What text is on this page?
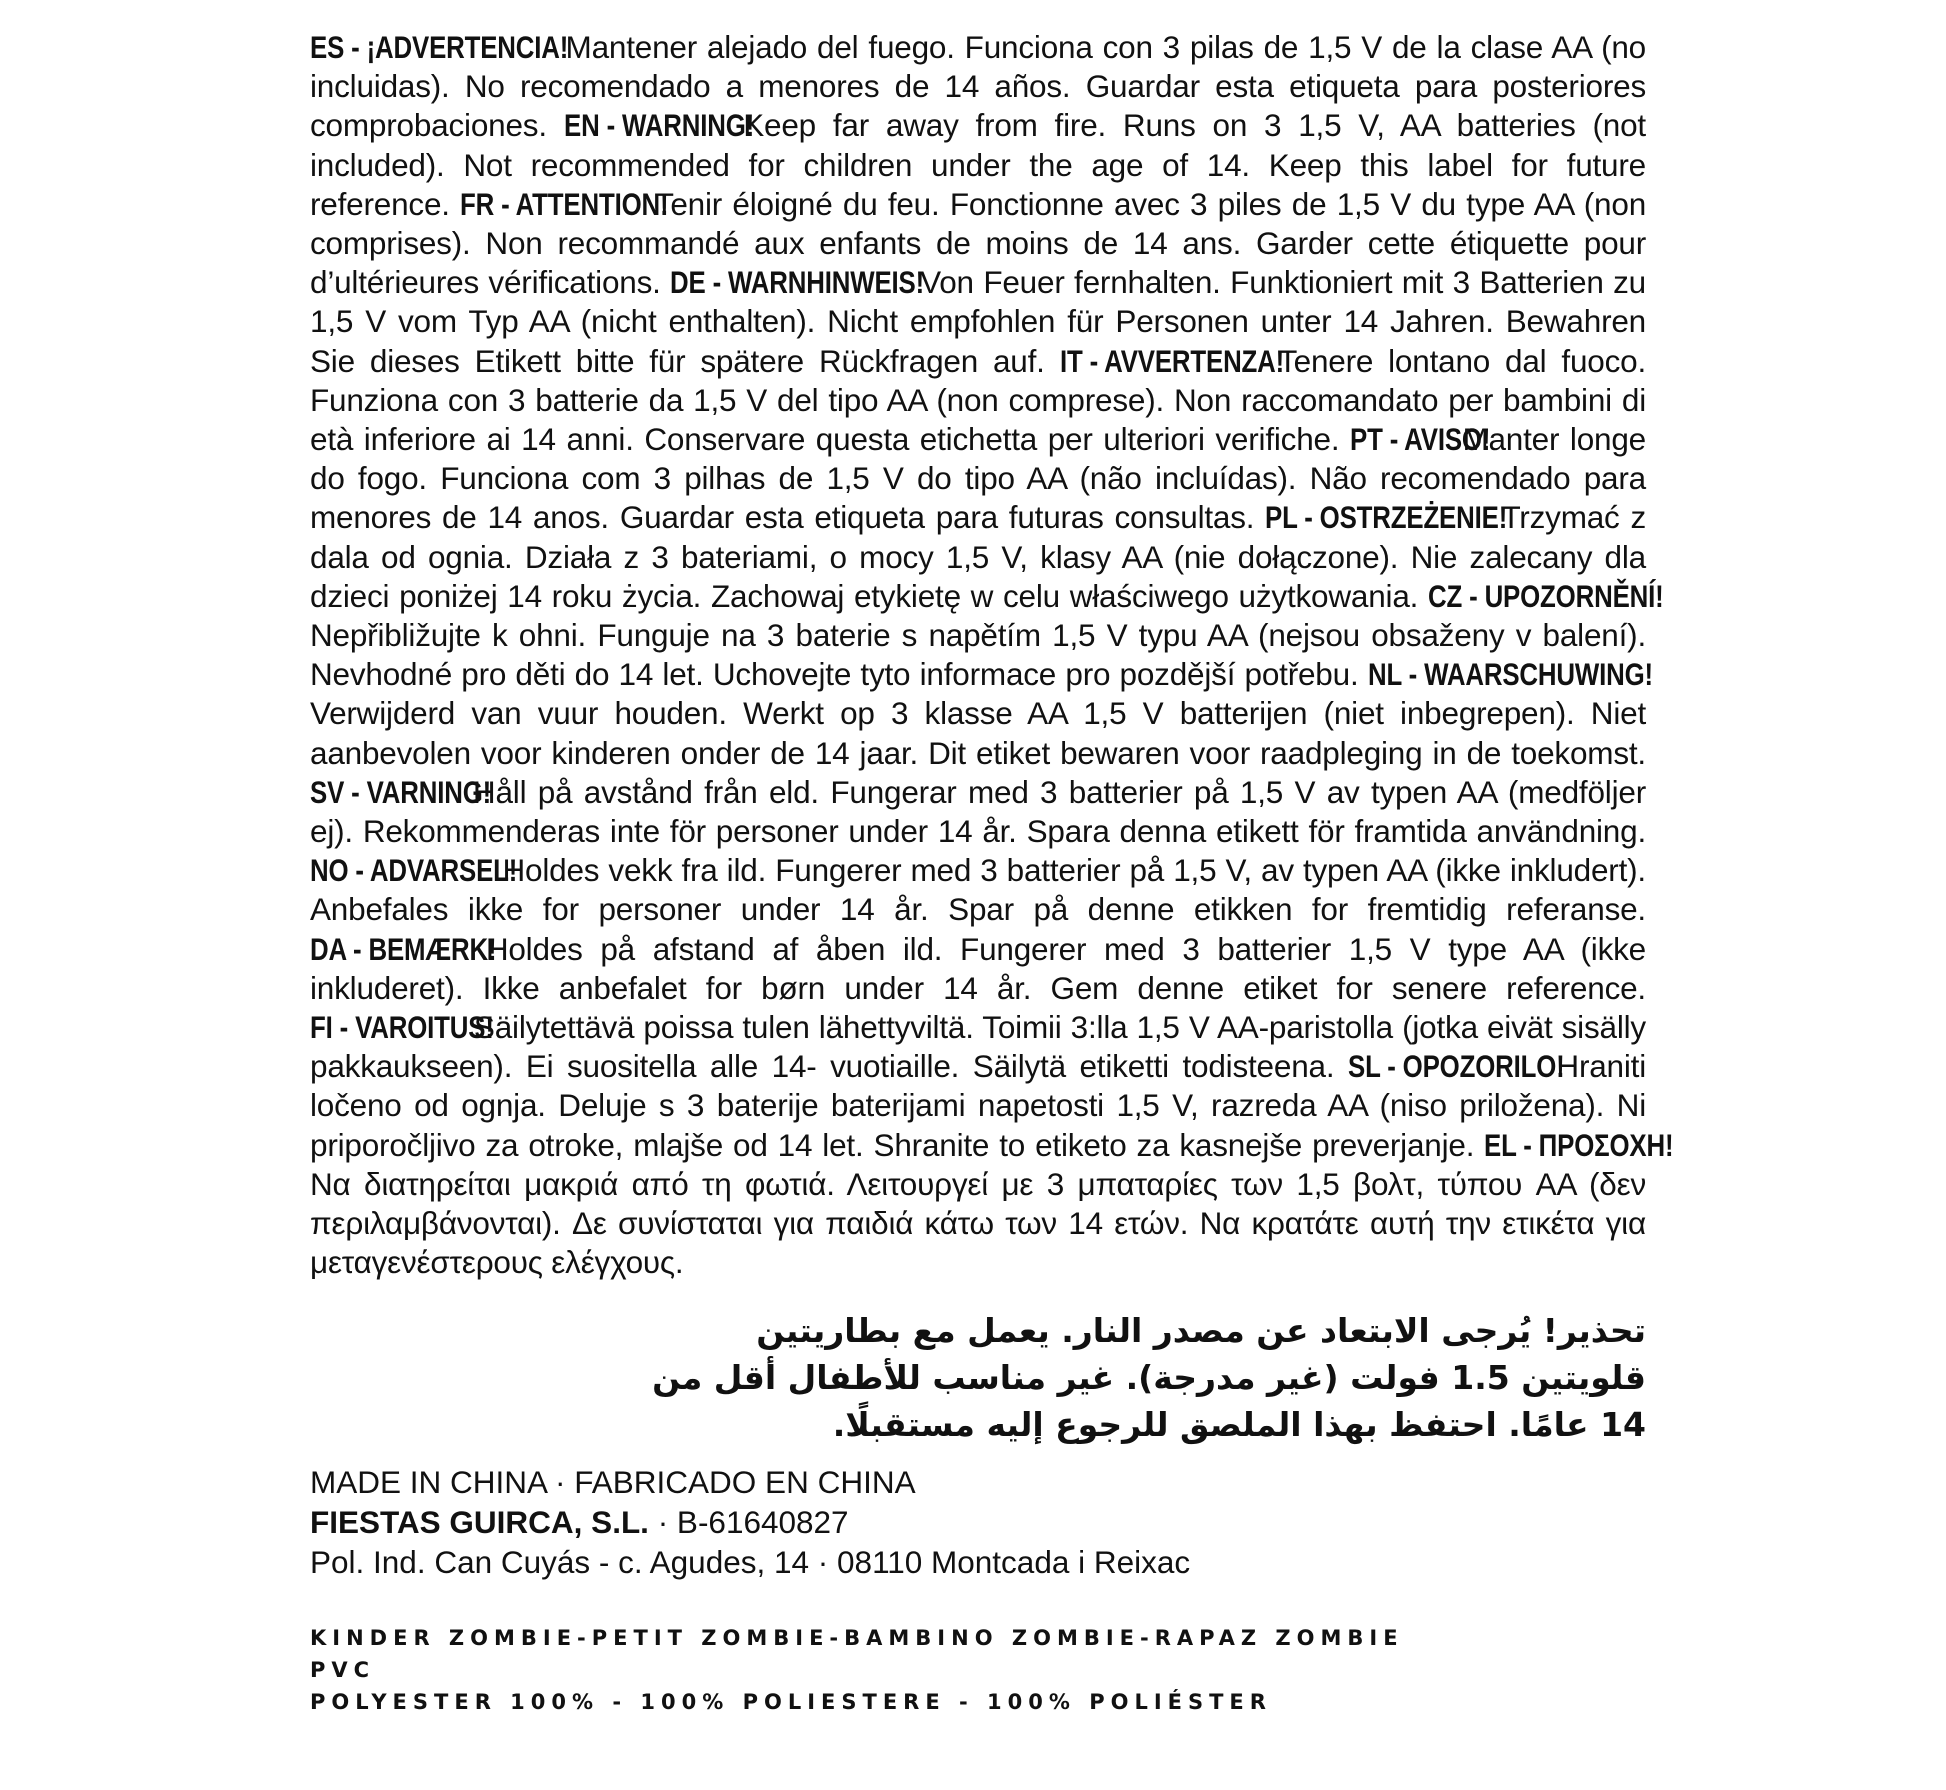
ES - ¡ADVERTENCIA! Mantener alejado del fuego. Funciona con 3 pilas de 1,5 V de la clase AA (no incluidas). No recomendado a menores de 14 años. Guardar esta etiqueta para posteriores comprobaciones. EN - WARNING! Keep far away from fire. Runs on 3 1,5 V, AA batteries (not included). Not recommended for children under the age of 14. Keep this label for future reference. FR - ATTENTION! Tenir éloigné du feu. Fonctionne avec 3 piles de 1,5 V du type AA (non comprises). Non recommandé aux enfants de moins de 14 ans. Garder cette étiquette pour d’ultérieures vérifications. DE - WARNHINWEIS! Von Feuer fernhalten. Funktioniert mit 3 Batterien zu 1,5 V vom Typ AA (nicht enthalten). Nicht empfohlen für Personen unter 14 Jahren. Bewahren Sie dieses Etikett bitte für spätere Rückfragen auf. IT - AVVERTENZA! Tenere lontano dal fuoco. Funziona con 3 batterie da 1,5 V del tipo AA (non comprese). Non raccomandato per bambini di età inferiore ai 14 anni. Conservare questa etichetta per ulteriori verifiche. PT - AVISO! Manter longe do fogo. Funciona com 3 pilhas de 1,5 V do tipo AA (não incluídas). Não recomendado para menores de 14 anos. Guardar esta etiqueta para futuras consultas. PL - OSTRZEŻENIE! Trzymać z dala od ognia. Działa z 3 bateriami, o mocy 1,5 V, klasy AA (nie dołączone). Nie zalecany dla dzieci poniżej 14 roku życia. Zachowaj etykietę w celu właściwego użytkowania. CZ - UPOZORNĚNÍ! Nepřibližujte k ohni. Funguje na 3 baterie s napětím 1,5 V typu AA (nejsou obsaženy v balení). Nevhodné pro děti do 14 let. Uchovejte tyto informace pro pozdější potřebu. NL - WAARSCHUWING! Verwijderd van vuur houden. Werkt op 3 klasse AA 1,5 V batterijen (niet inbegrepen). Niet aanbevolen voor kinderen onder de 14 jaar. Dit etiket bewaren voor raadpleging in de toekomst. SV - VARNING! Håll på avstånd från eld. Fungerar med 3 batterier på 1,5 V av typen AA (medföljer ej). Rekommenderas inte för personer under 14 år. Spara denna etikett för framtida användning. NO - ADVARSEL! Holdes vekk fra ild. Fungerer med 3 batterier på 1,5 V, av typen AA (ikke inkludert). Anbefales ikke for personer under 14 år. Spar på denne etikken for fremtidig referanse. DA - BEMÆRK! Holdes på afstand af åben ild. Fungerer med 3 batterier 1,5 V type AA (ikke inkluderet). Ikke anbefalet for børn under 14 år. Gem denne etiket for senere reference. FI - VAROITUS! Säilytettävä poissa tulen lähettyviltä. Toimii 3:lla 1,5 V AA-paristolla (jotka eivät sisälly pakkaukseen). Ei suositella alle 14- vuotiaille. Säilytä etiketti todisteena. SL - OPOZORILO! Hraniti ločeno od ognja. Deluje s 3 baterije baterijami napetosti 1,5 V, razreda AA (niso priložena). Ni priporočljivo za otroke, mlajše od 14 let. Shranite to etiketo za kasnejše preverjanje. EL - ΠΡΟΣΟΧΗ! Να διατηρείται μακριά από τη φωτιά. Λειτουργεί με 3 μπαταρίες των 1,5 βολτ, τύπου AA (δεν περιλαμβάνονται). Δε συνίσταται για παιδιά κάτω των 14 ετών. Να κρατάτε αυτή την ετικέτα για μεταγενέστερους ελέγχους.

تحذير! يُرجى الابتعاد عن مصدر النار. يعمل مع بطاريتين
قلويتين 1.5 فولت (غير مدرجة). غير مناسب للأطفال أقل من
14 عامًا. احتفظ بهذا الملصق للرجوع إليه مستقبلًا.
MADE IN CHINA · FABRICADO EN CHINA
FIESTAS GUIRCA, S.L. · B-61640827
Pol. Ind. Can Cuyás - c. Agudes, 14 · 08110 Montcada i Reixac
KINDER ZOMBIE-PETIT ZOMBIE-BAMBINO ZOMBIE-RAPAZ ZOMBIE
PVC
POLYESTER 100% - 100% POLIESTERE - 100% POLIÉSTER
